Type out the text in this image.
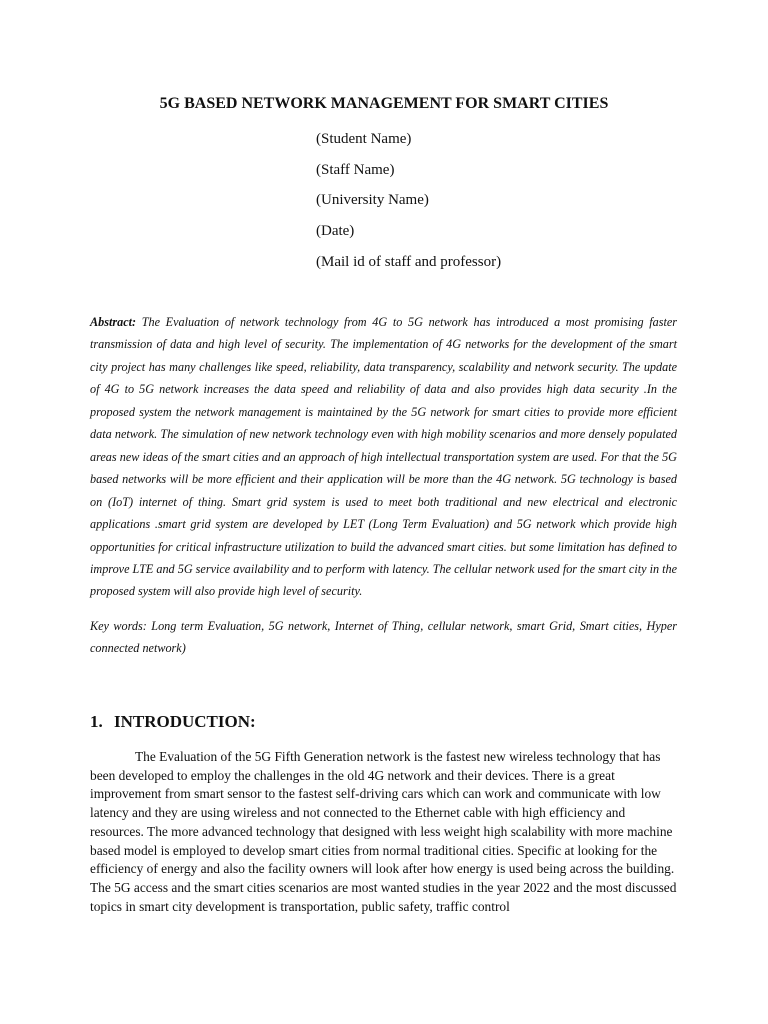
5G BASED NETWORK MANAGEMENT FOR SMART CITIES
(Student Name)
(Staff Name)
(University Name)
(Date)
(Mail id of staff and professor)

Abstract: The Evaluation of network technology from 4G to 5G network has introduced a most promising faster transmission of data and high level of security. The implementation of 4G networks for the development of the smart city project has many challenges like speed, reliability, data transparency, scalability and network security. The update of 4G to 5G network increases the data speed and reliability of data and also provides high data security .In the proposed system the network management is maintained by the 5G network for smart cities to provide more efficient data network. The simulation of new network technology even with high mobility scenarios and more densely populated areas new ideas of the smart cities and an approach of high intellectual transportation system are used. For that the 5G based networks will be more efficient and their application will be more than the 4G network. 5G technology is based on (IoT) internet of thing. Smart grid system is used to meet both traditional and new electrical and electronic applications .smart grid system are developed by LET (Long Term Evaluation) and 5G network which provide high opportunities for critical infrastructure utilization to build the advanced smart cities. but some limitation has defined to improve LTE and 5G service availability and to perform with latency. The cellular network used for the smart city in the proposed system will also provide high level of security.

Key words: Long term Evaluation, 5G network, Internet of Thing, cellular network, smart Grid, Smart cities, Hyper connected network)

1. INTRODUCTION:

The Evaluation of the 5G Fifth Generation network is the fastest new wireless technology that has been developed to employ the challenges in the old 4G network and their devices. There is a great improvement from smart sensor to the fastest self-driving cars which can work and communicate with low latency and they are using wireless and not connected to the Ethernet cable with high efficiency and resources. The more advanced technology that designed with less weight high scalability with more machine based model is employed to develop smart cities from normal traditional cities. Specific at looking for the efficiency of energy and also the facility owners will look after how energy is used being across the building. The 5G access and the smart cities scenarios are most wanted studies in the year 2022 and the most discussed topics in smart city development is transportation, public safety, traffic control
